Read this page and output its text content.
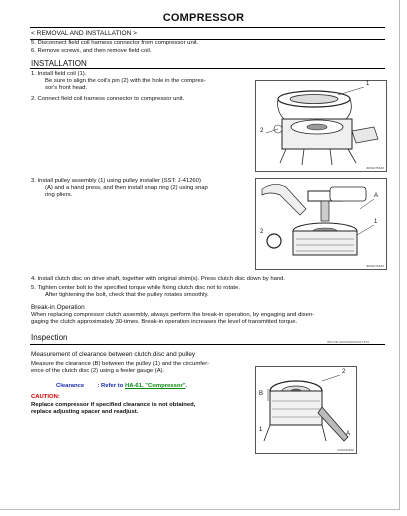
COMPRESSOR
< REMOVAL AND INSTALLATION >
5. Disconnect field coil harness connector from compressor unit.
6. Remove screws, and then remove field coil.
INSTALLATION
1. Install field coil (1).
Be sure to align the coil's pin (2) with the hole in the compres-
sor's front head.
2. Connect field coil harness connector to compressor unit.
2
1
JMIIA0753ZZ
3. Install pulley assembly (1) using pulley installer (SST: J-41260)
(A) and a hand press, and then install snap ring (2) using snap
ring pliers.	A
1
2
JMIIA0754ZZ
4. Install clutch disc on drive shaft, together with original shim(s). Press clutch disc down by hand.
5. Tighten center bolt to the specified torque while fixing clutch disc not to rotate.
After tightening the bolt, check that the pulley rotates smoothly.
Break-in Operation
When replacing compressor clutch assembly, always perform the break-in operation, by engaging and disen-
gaging the clutch approximately 30-times. Break-in operation increases the level of transmitted torque.
Inspection	INFOID:0000000005317570
Measurement of clearance between clutch disc and pulley
Measure the clearance (B) between the pulley (1) and the circumfer-
ence of the clutch disc (2) using a feeler gauge (A).
Clearance : Refer to HA-61, "Compressor".
CAUTION:
Replace compressor if specified clearance is not obtained,
replace adjusting spacer and readjust.
2
B
1
A
SJIA0418ZZ
